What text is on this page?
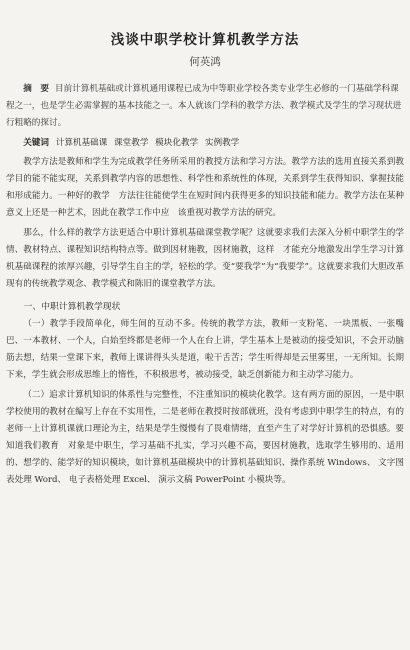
浅谈中职学校计算机教学方法
何英鸿

摘　要 目前计算机基础或计算机通用课程已成为中等职业学校各类专业学生必修的一门基础学科课程之一，也是学生必需掌握的基本技能之一。本人就该门学科的教学方法、教学模式及学生的学习现状进行粗略的探讨。

关键词 计算机基础课 课堂教学 模块化教学 实例教学

教学方法是教师和学生为完成教学任务所采用的教授方法和学习方法。教学方法的选用直接关系到教学目的能不能实现，关系到教学内容的思想性、科学性和系统性的体现，关系到学生获得知识、掌握技能和形成能力。一种好的教学　方法往往能使学生在短时间内获得更多的知识技能和能力。教学方法在某种意义上还是一种艺术，因此在教学工作中应　该重视对教学方法的研究。

那么，什么样的教学方法更适合中职计算机基础课堂教学呢？这就要求我们去深入分析中职学生的学情、教材特点、课程知识结构特点等。做到因材施教，因材施教，这样　才能充分地激发出学生学习计算机基础课程的浓厚兴趣，引导学生自主的学，轻松的学。变“要我学”为“我要学”。这就要求我们大胆改革现有的传统教学观念、教学模式和陈旧的课堂教学方法。

一、中职计算机教学现状

（一）教学手段简单化，师生间的互动不多。传统的教学方法，教师一支粉笔、一块黑板、一张嘴巴、一本教材、一个人，白始至终都是老师一个人在台上讲，学生基本上是被动的接受知识，不会开动脑筋去想，结果一堂课下来，教师上课讲得头头是道，啦干舌苦；学生听得却是云里雾里，一无所知。长期下来，学生就会形成思维上的惰性，不积极思考，被动接受，缺乏创新能力和主动学习能力。

（二）追求计算机知识的体系性与完整性，不注重知识的模块化教学。这有两方面的原因，一是中职学校使用的教材在编写上存在不实用性，二是老师在教授时按部就班，没有考虑到中职学生的特点，有的老师一上计算机课就口理论为主，结果是学生慢慢有了畏难情绪，直至产生了对学好计算机的恐惧感。要知道我们教育　对象是中职生，学习基础不扎实，学习兴趣不高，要因材施教，选取学生够用的、适用的、想学的、能学好的知识模块，如计算机基础模块中的计算机基础知识、操作系统 Windows、 文字图表处理 Word、 电子表格处理 Excel、 演示文稿 PowerPoint 小模块等。
